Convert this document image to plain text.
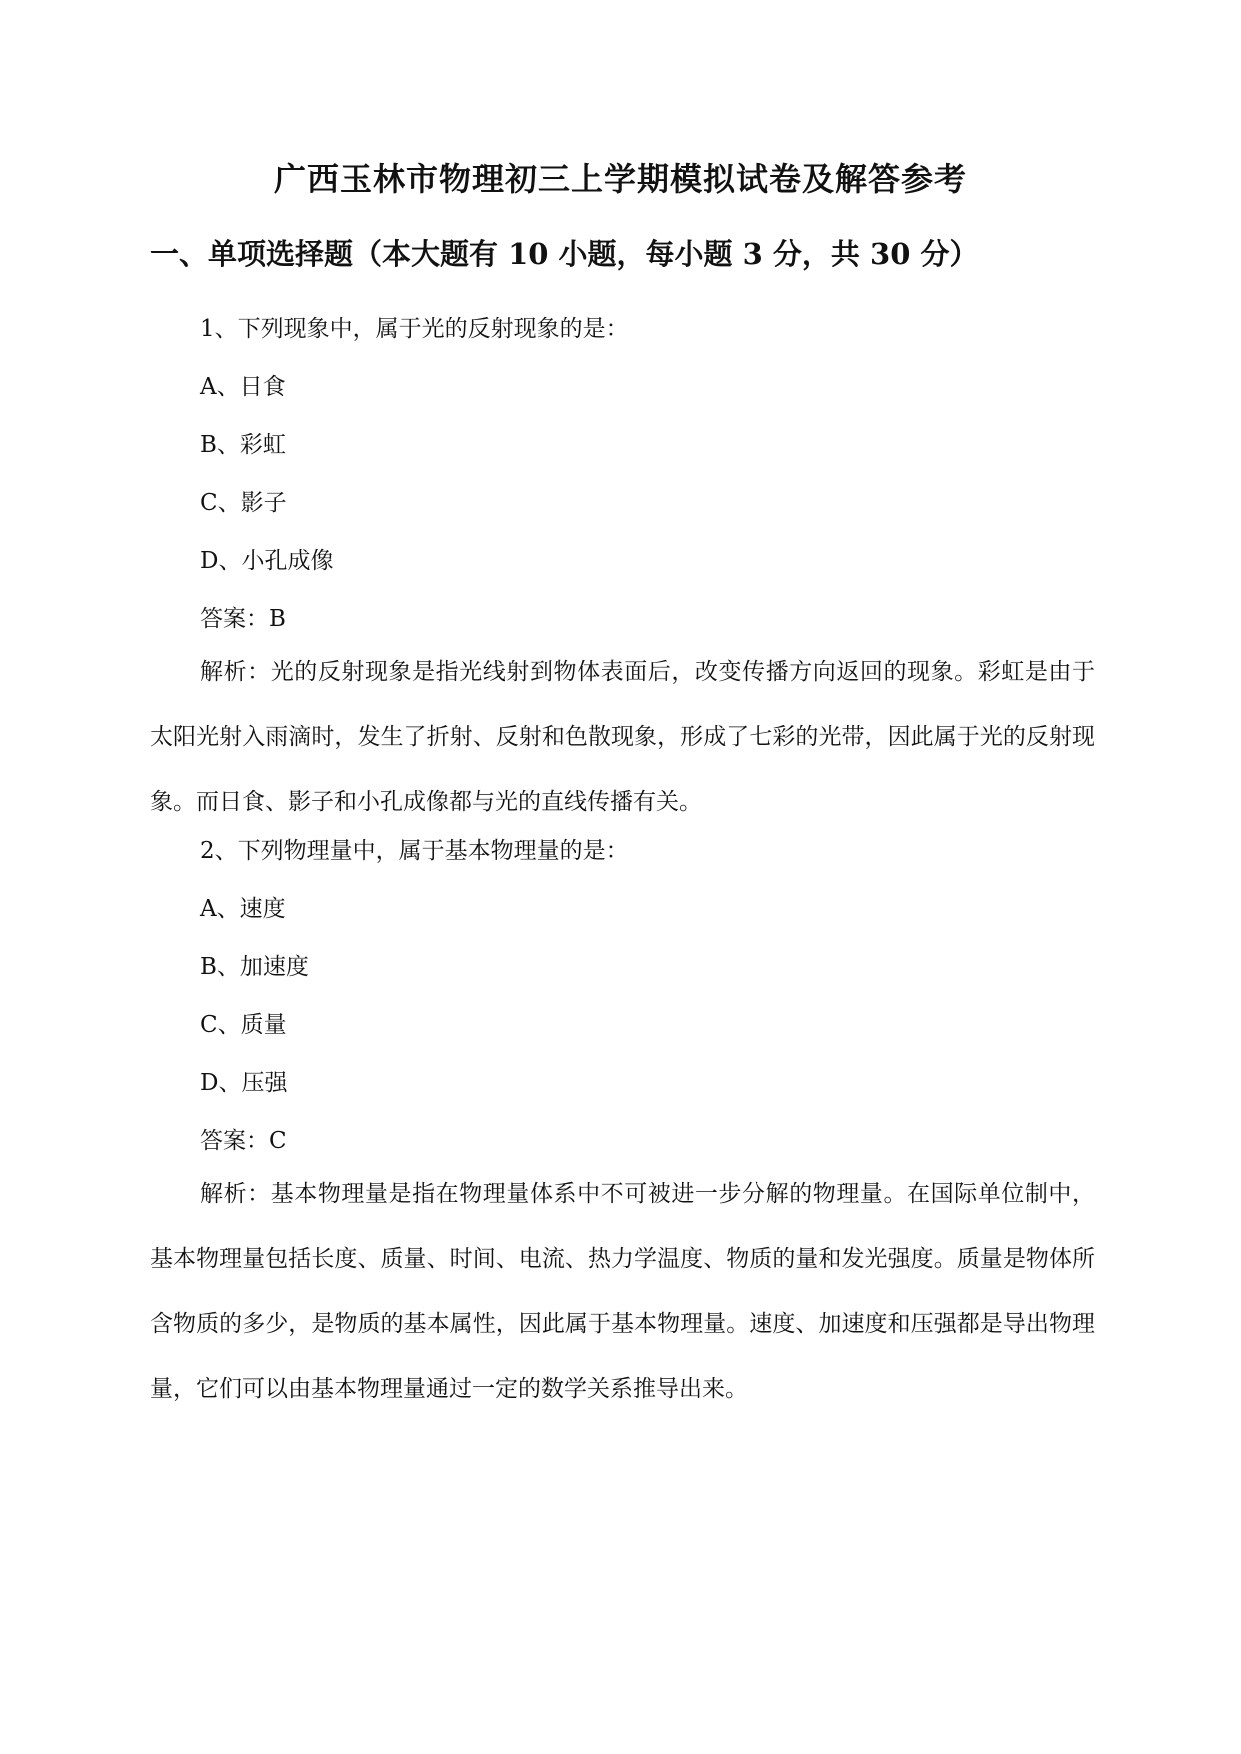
广西玉林市物理初三上学期模拟试卷及解答参考
一、单项选择题（本大题有 10 小题，每小题 3 分，共 30 分）
1、下列现象中，属于光的反射现象的是：
A、日食
B、彩虹
C、影子
D、小孔成像
答案：B

解析：光的反射现象是指光线射到物体表面后，改变传播方向返回的现象。彩虹是由于太阳光射入雨滴时，发生了折射、反射和色散现象，形成了七彩的光带，因此属于光的反射现象。而日食、影子和小孔成像都与光的直线传播有关。

2、下列物理量中，属于基本物理量的是：
A、速度
B、加速度
C、质量
D、压强
答案：C

解析：基本物理量是指在物理量体系中不可被进一步分解的物理量。在国际单位制中，基本物理量包括长度、质量、时间、电流、热力学温度、物质的量和发光强度。质量是物体所含物质的多少，是物质的基本属性，因此属于基本物理量。速度、加速度和压强都是导出物理量，它们可以由基本物理量通过一定的数学关系推导出来。
